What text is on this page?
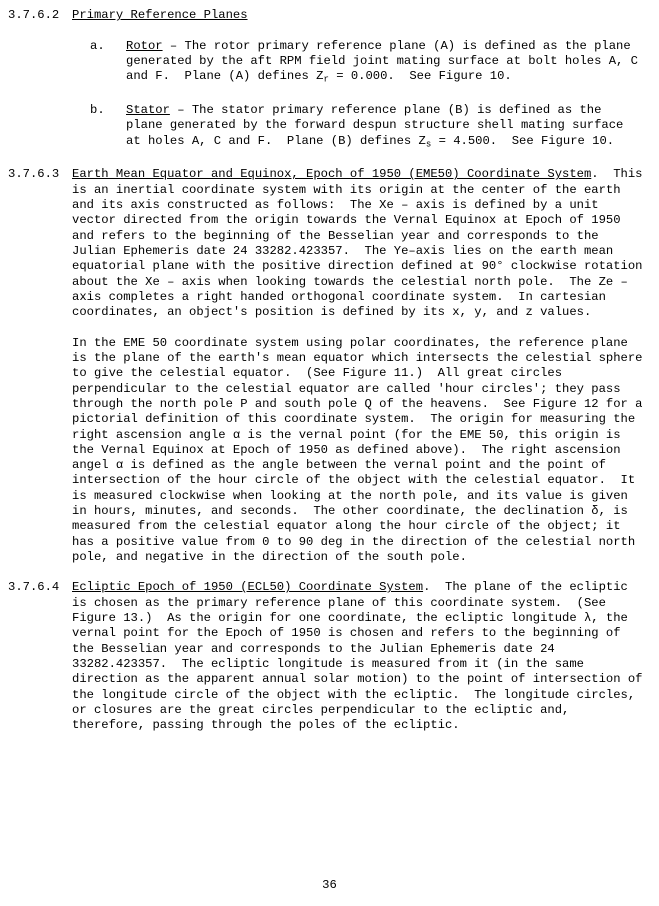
3.7.6.2	Primary Reference Planes
a.	Rotor – The rotor primary reference plane (A) is defined as the plane generated by the aft RPM field joint mating surface at bolt holes A, C and F.  Plane (A) defines $Z_r = 0.000$.  See Figure 10.
b.	Stator – The stator primary reference plane (B) is defined as the plane generated by the forward despun structure shell mating surface at holes A, C and F.  Plane (B) defines $Z_s = 4.500$.  See Figure 10.
3.7.6.3	Earth Mean Equator and Equinox, Epoch of 1950 (EME50) Coordinate System.  This is an inertial coordinate system with its origin at the center of the earth and its axis constructed as follows:  The Xe – axis is defined by a unit vector directed from the origin towards the Vernal Equinox at Epoch of 1950 and refers to the beginning of the Besselian year and corresponds to the Julian Ephemeris date 24 33282.423357.  The Ye–axis lies on the earth mean equatorial plane with the positive direction defined at 90° clockwise rotation about the Xe – axis when looking towards the celestial north pole.  The Ze – axis completes a right handed orthogonal coordinate system.  In cartesian coordinates, an object's position is defined by its x, y, and z values.
In the EME 50 coordinate system using polar coordinates, the reference plane is the plane of the earth's mean equator which intersects the celestial sphere to give the celestial equator.  (See Figure 11.)  All great circles perpendicular to the celestial equator are called 'hour circles'; they pass through the north pole P and south pole Q of the heavens.  See Figure 12 for a pictorial definition of this coordinate system.  The origin for measuring the right ascension angle α is the vernal point (for the EME 50, this origin is the Vernal Equinox at Epoch of 1950 as defined above).  The right ascension angel α is defined as the angle between the vernal point and the point of intersection of the hour circle of the object with the celestial equator.  It is measured clockwise when looking at the north pole, and its value is given in hours, minutes, and seconds.  The other coordinate, the declination δ, is measured from the celestial equator along the hour circle of the object; it has a positive value from 0 to 90 deg in the direction of the celestial north pole, and negative in the direction of the south pole.
3.7.6.4	Ecliptic Epoch of 1950 (ECL50) Coordinate System.  The plane of the ecliptic is chosen as the primary reference plane of this coordinate system.  (See Figure 13.)  As the origin for one coordinate, the ecliptic longitude λ, the vernal point for the Epoch of 1950 is chosen and refers to the beginning of the Besselian year and corresponds to the Julian Ephemeris date 24 33282.423357.  The ecliptic longitude is measured from it (in the same direction as the apparent annual solar motion) to the point of intersection of the longitude circle of the object with the ecliptic.  The longitude circles, or closures are the great circles perpendicular to the ecliptic and, therefore, passing through the poles of the ecliptic.
36
